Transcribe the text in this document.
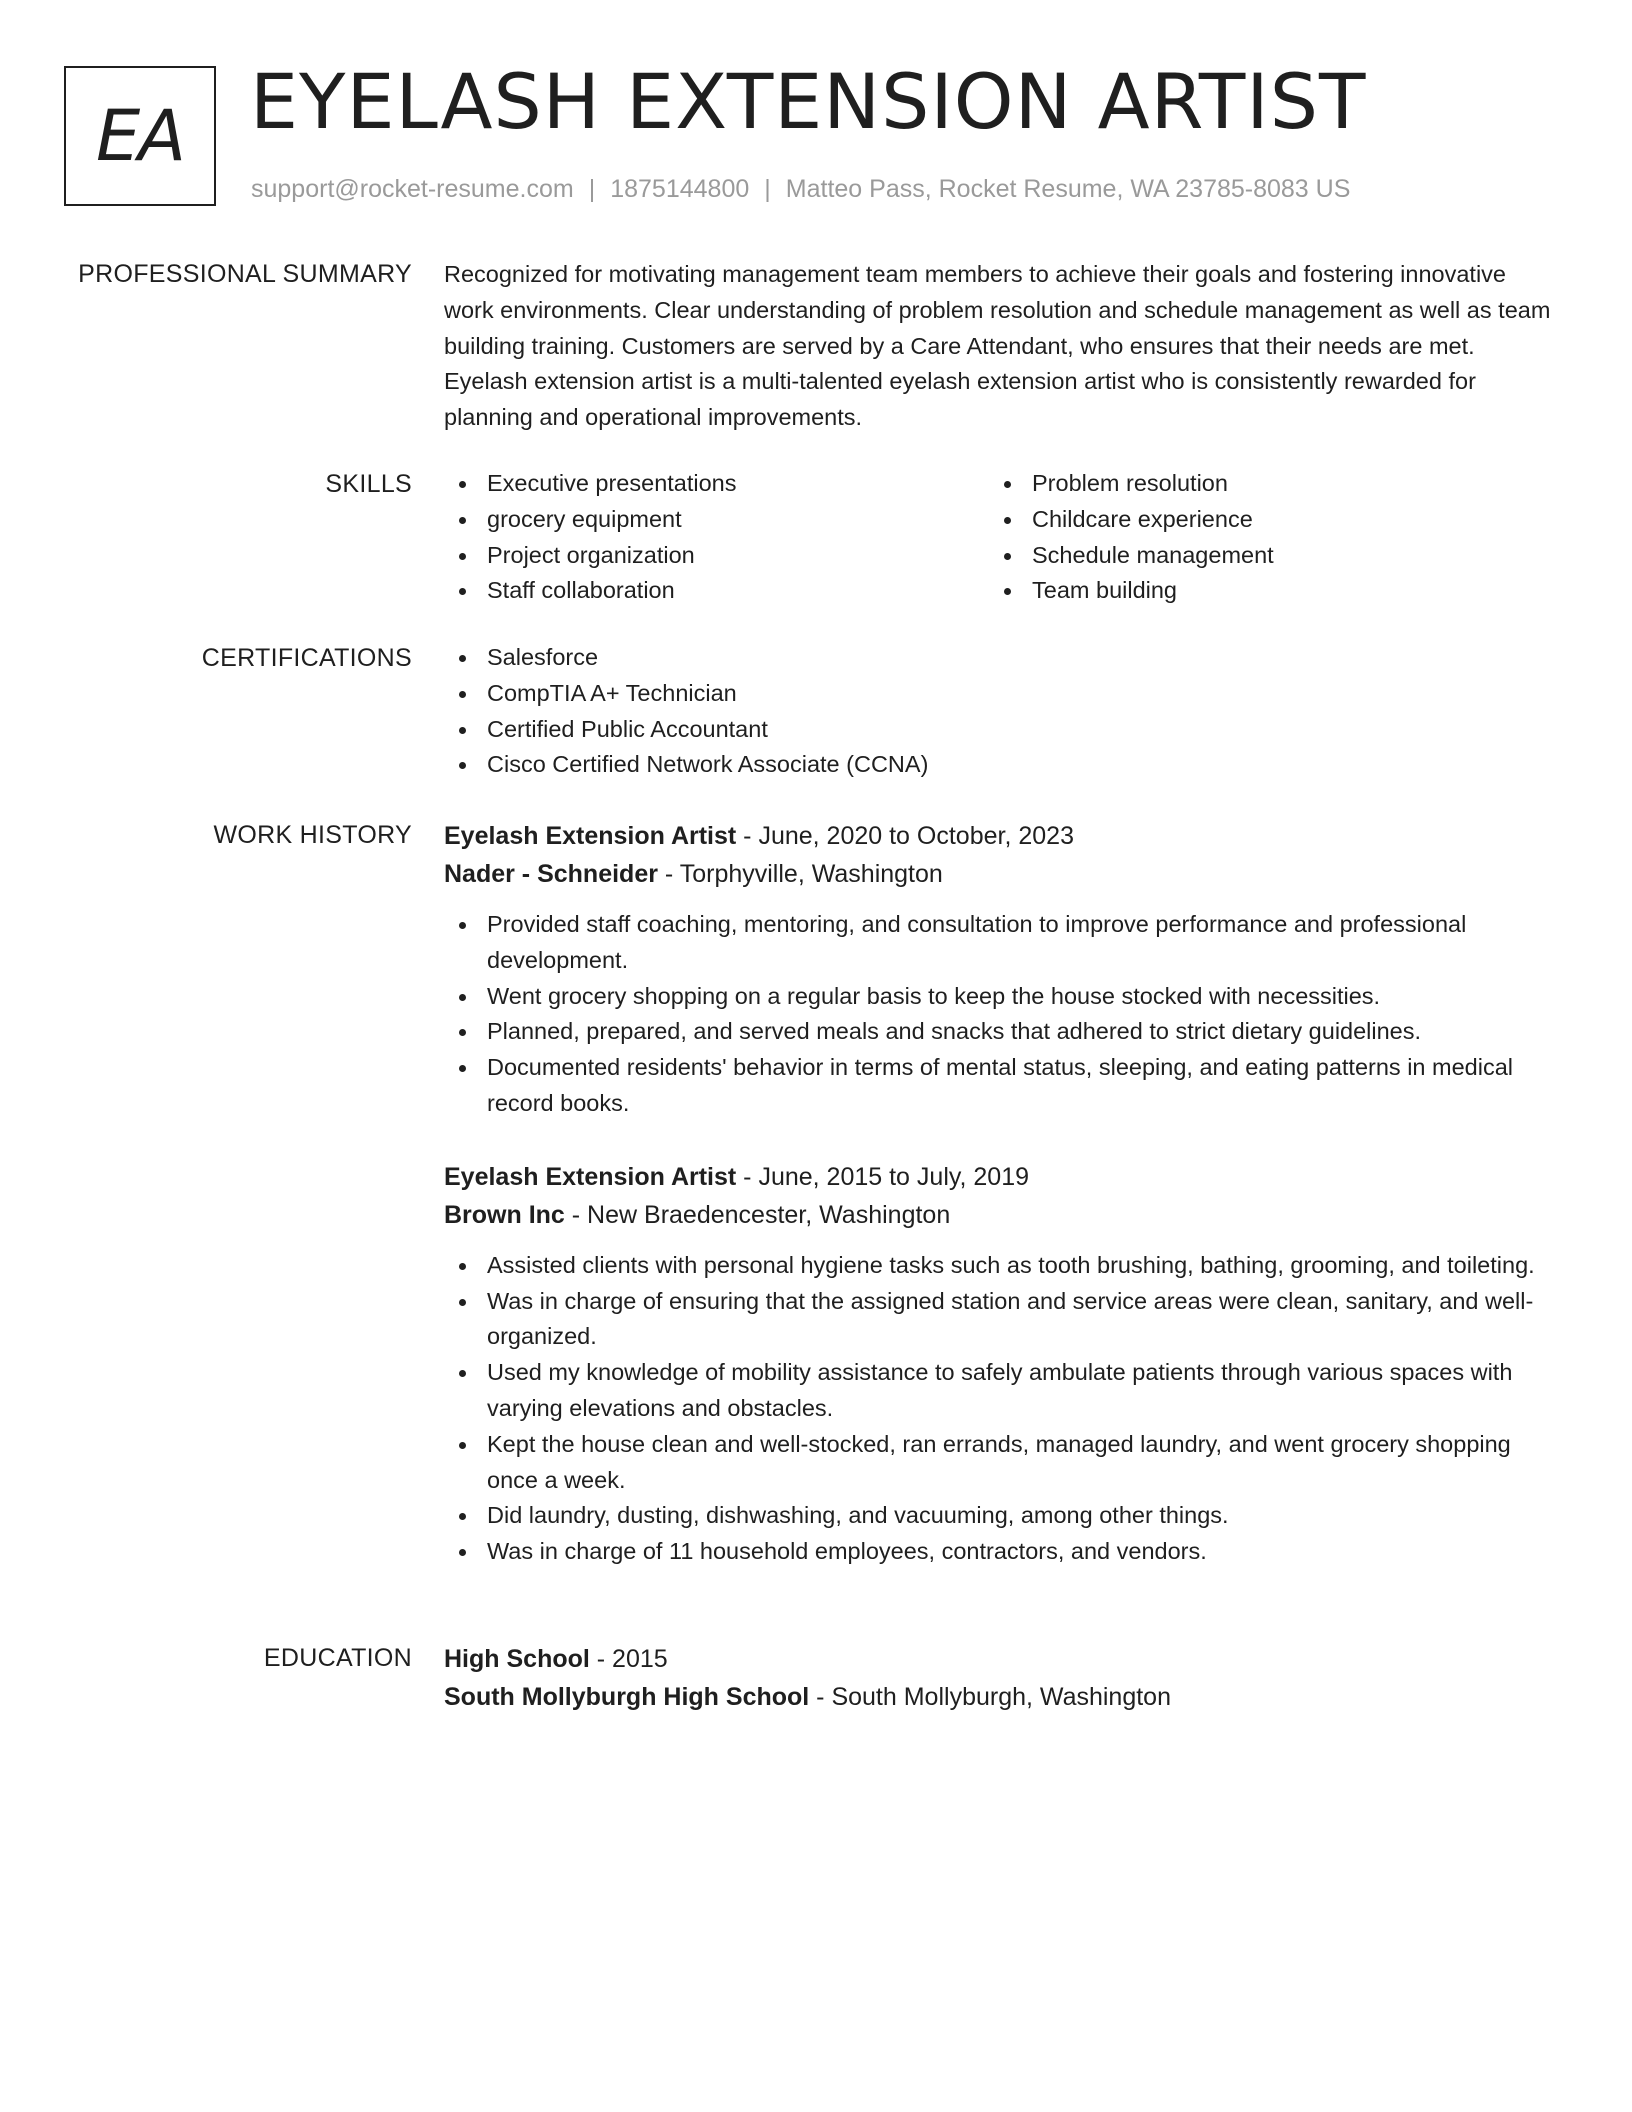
EA EYELASH EXTENSION ARTIST
support@rocket-resume.com | 1875144800 | Matteo Pass, Rocket Resume, WA 23785-8083 US
PROFESSIONAL SUMMARY Recognized for motivating management team members to achieve their goals and fostering innovative work environments. Clear understanding of problem resolution and schedule management as well as team building training. Customers are served by a Care Attendant, who ensures that their needs are met. Eyelash extension artist is a multi-talented eyelash extension artist who is consistently rewarded for planning and operational improvements.

SKILLS	Executive presentations
grocery equipment
Project organization
Staff collaboration
Problem resolution
Childcare experience
Schedule management
Team building
CERTIFICATIONS	Salesforce
CompTIA A+ Technician
Certified Public Accountant
Cisco Certified Network Associate (CCNA)
WORK HISTORY Eyelash Extension Artist - June, 2020 to October, 2023
Nader - Schneider - Torphyville, Washington
Provided staff coaching, mentoring, and consultation to improve performance and professional development.
Went grocery shopping on a regular basis to keep the house stocked with necessities.
Planned, prepared, and served meals and snacks that adhered to strict dietary guidelines.
Documented residents' behavior in terms of mental status, sleeping, and eating patterns in medical record books.
Eyelash Extension Artist - June, 2015 to July, 2019
Brown Inc - New Braedencester, Washington
Assisted clients with personal hygiene tasks such as tooth brushing, bathing, grooming, and toileting.
Was in charge of ensuring that the assigned station and service areas were clean, sanitary, and well-organized.
Used my knowledge of mobility assistance to safely ambulate patients through various spaces with varying elevations and obstacles.
Kept the house clean and well-stocked, ran errands, managed laundry, and went grocery shopping once a week.
Did laundry, dusting, dishwashing, and vacuuming, among other things.
Was in charge of 11 household employees, contractors, and vendors.
EDUCATION High School - 2015
South Mollyburgh High School - South Mollyburgh, Washington
